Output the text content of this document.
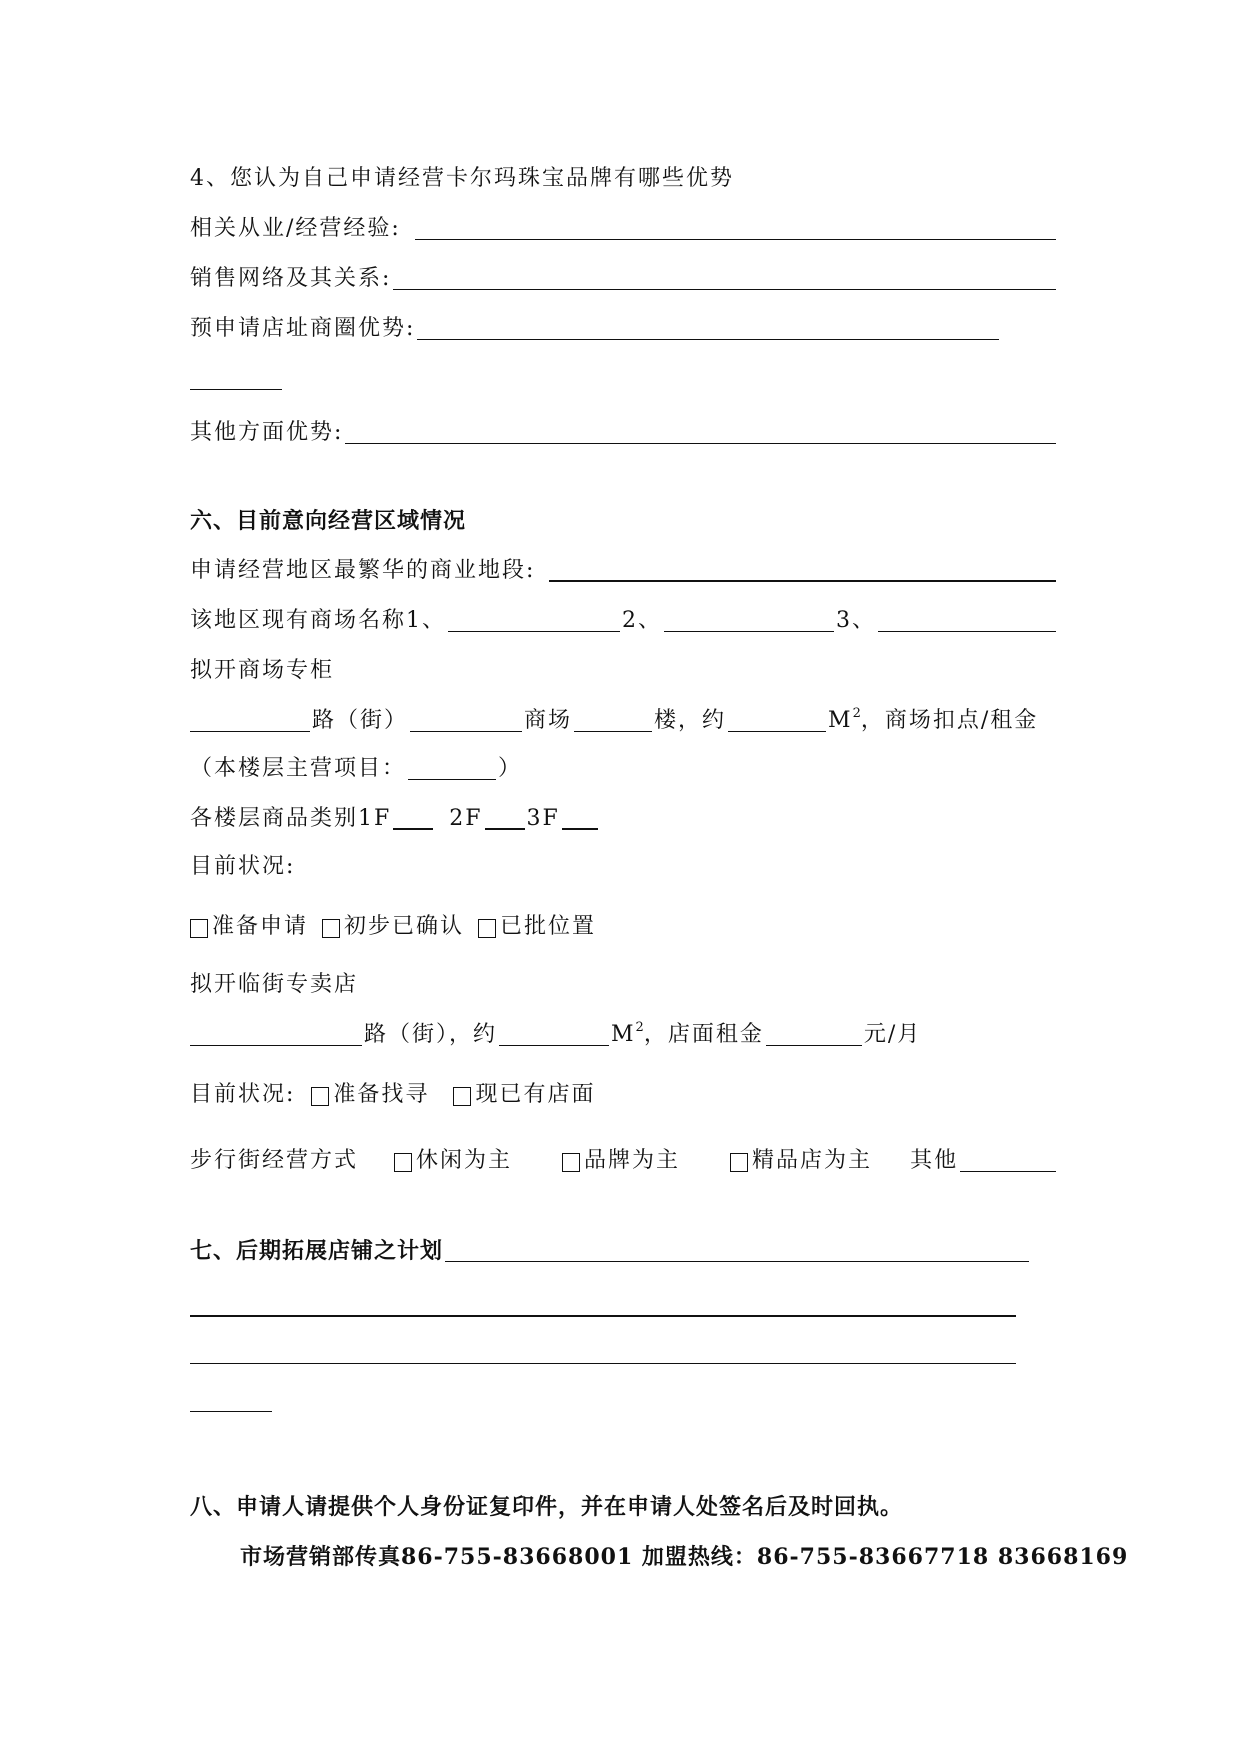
4、您认为自己申请经营卡尔玛珠宝品牌有哪些优势
相关从业/经营经验:
销售网络及其关系:
预申请店址商圈优势:
其他方面优势:
六、目前意向经营区域情况
申请经营地区最繁华的商业地段:
该地区现有商场名称1、	2、	3、
拟开商场专柜
路（街）	商场	楼，约	$M^2$ ，商场扣点/租金
（本楼层主营项目：	）
各楼层商品类别1F	2F 3F
目前状况:
准备申请 初步已确认 已批位置
拟开临街专卖店
路（街），约	$M^2$ ，店面租金	元/月
目前状况: 准备找寻 现已有店面
步行街经营方式	休闲为主	品牌为主	精品店为主 其他
七、后期拓展店铺之计划
八、申请人请提供个人身份证复印件，并在申请人处签名后及时回执。
市场营销部传真86-755-83668001 加盟热线：86-755-83667718 83668169
